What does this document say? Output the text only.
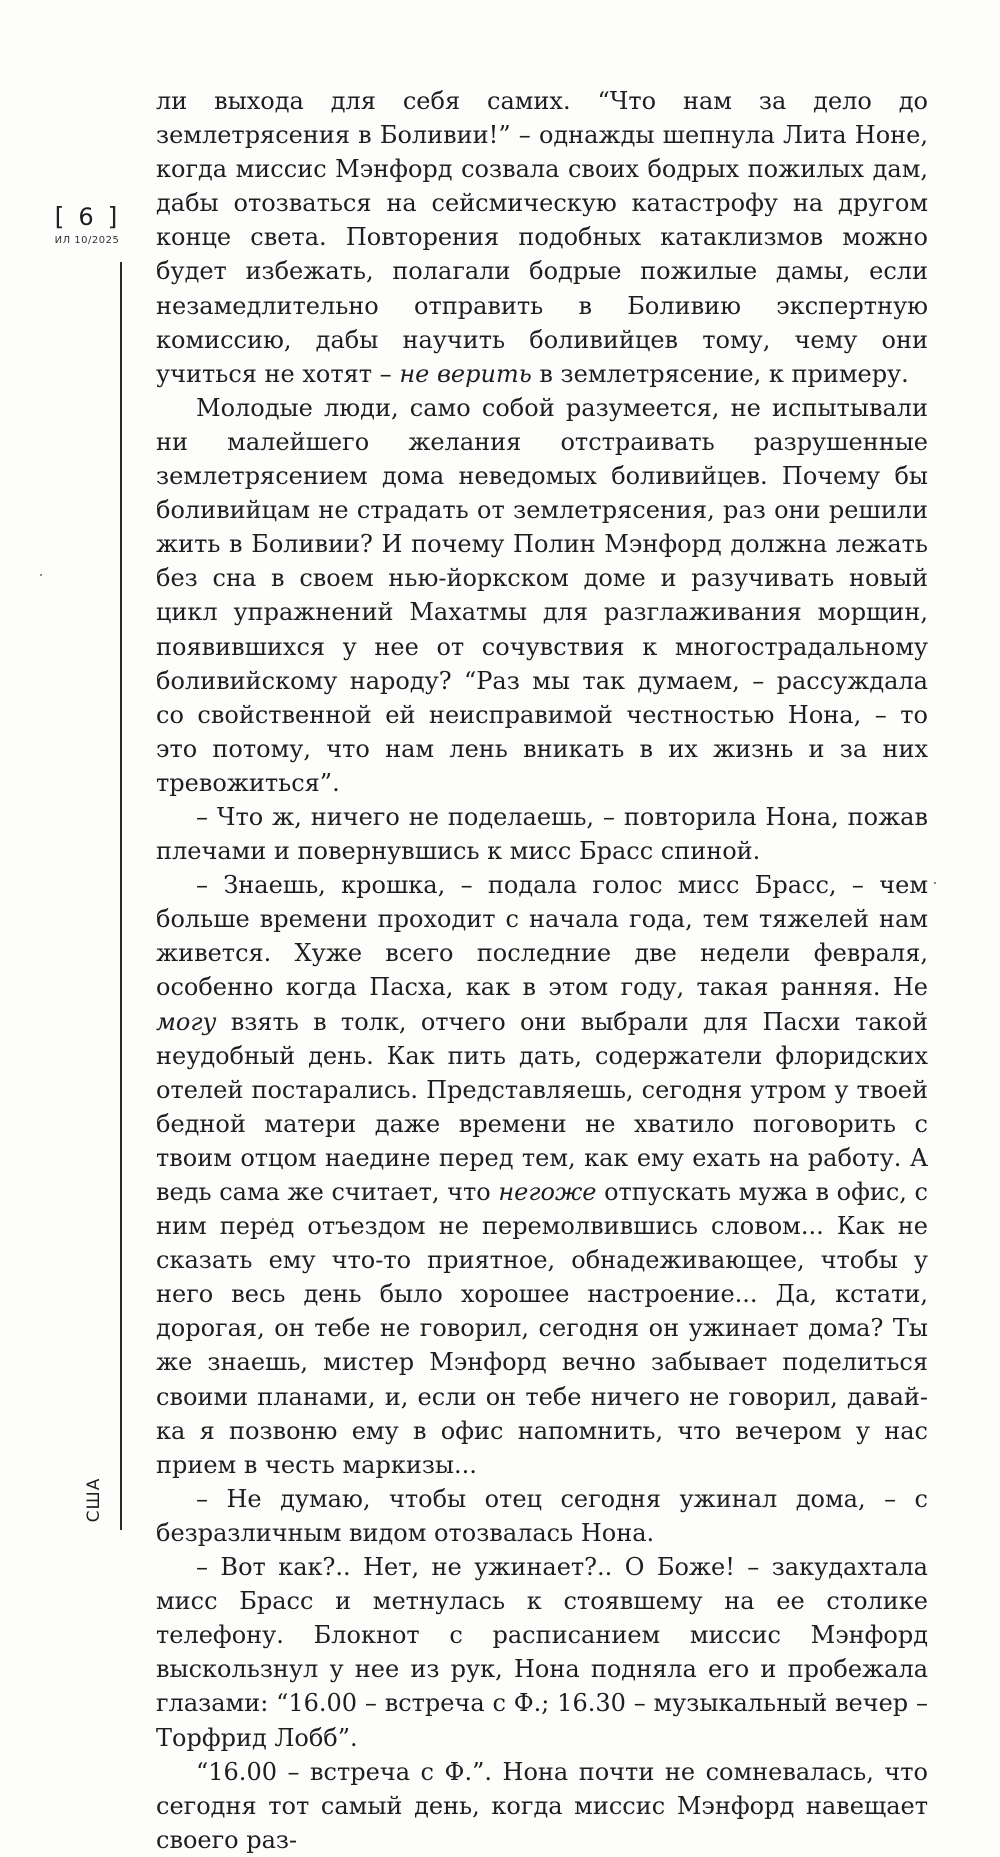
[ 6 ]
ИЛ 10/2025
США

ли выхода для себя самих. “Что нам за дело до землетрясения в Боливии!” – однажды шепнула Лита Ноне, когда миссис Мэнфорд созвала своих бодрых пожилых дам, дабы отозваться на сейсмическую катастрофу на другом конце света. Повторения подобных катаклизмов можно будет избежать, полагали бодрые пожилые дамы, если незамедлительно отправить в Боливию экспертную комиссию, дабы научить боливийцев тому, чему они учиться не хотят – не верить в землетрясение, к примеру.

Молодые люди, само собой разумеется, не испытывали ни малейшего желания отстраивать разрушенные землетрясением дома неведомых боливийцев. Почему бы боливийцам не страдать от землетрясения, раз они решили жить в Боливии? И почему Полин Мэнфорд должна лежать без сна в своем нью-йоркском доме и разучивать новый цикл упражнений Махатмы для разглаживания морщин, появившихся у нее от сочувствия к многострадальному боливийскому народу? “Раз мы так думаем, – рассуждала со свойственной ей неисправимой честностью Нона, – то это потому, что нам лень вникать в их жизнь и за них тревожиться”.

– Что ж, ничего не поделаешь, – повторила Нона, пожав плечами и повернувшись к мисс Брасс спиной.

– Знаешь, крошка, – подала голос мисс Брасс, – чем больше времени проходит с начала года, тем тяжелей нам живется. Хуже всего последние две недели февраля, особенно когда Пасха, как в этом году, такая ранняя. Не могу взять в толк, отчего они выбрали для Пасхи такой неудобный день. Как пить дать, содержатели флоридских отелей постарались. Представляешь, сегодня утром у твоей бедной матери даже времени не хватило поговорить с твоим отцом наедине перед тем, как ему ехать на работу. А ведь сама же считает, что негоже отпускать мужа в офис, с ним перед отъездом не перемолвившись словом... Как не сказать ему что-то приятное, обнадеживающее, чтобы у него весь день было хорошее настроение... Да, кстати, дорогая, он тебе не говорил, сегодня он ужинает дома? Ты же знаешь, мистер Мэнфорд вечно забывает поделиться своими планами, и, если он тебе ничего не говорил, давай-ка я позвоню ему в офис напомнить, что вечером у нас прием в честь маркизы...

– Не думаю, чтобы отец сегодня ужинал дома, – с безразличным видом отозвалась Нона.

– Вот как?.. Нет, не ужинает?.. О Боже! – закудахтала мисс Брасс и метнулась к стоявшему на ее столике телефону. Блокнот с расписанием миссис Мэнфорд выскользнул у нее из рук, Нона подняла его и пробежала глазами: “16.00 – встреча с Ф.; 16.30 – музыкальный вечер – Торфрид Лобб”.

“16.00 – встреча с Ф.”. Нона почти не сомневалась, что сегодня тот самый день, когда миссис Мэнфорд навещает своего раз-
